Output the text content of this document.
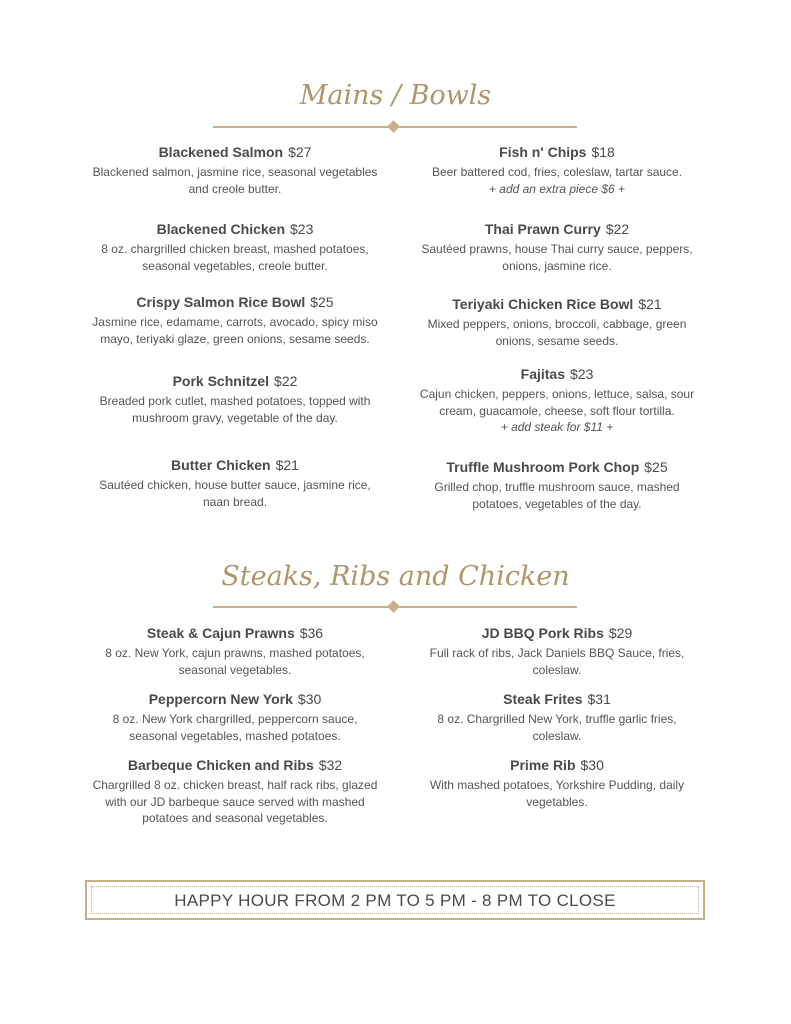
Mains / Bowls
Blackened Salmon $27
Blackened salmon, jasmine rice, seasonal vegetables and creole butter.
Blackened Chicken $23
8 oz. chargrilled chicken breast, mashed potatoes, seasonal vegetables, creole butter.
Crispy Salmon Rice Bowl $25
Jasmine rice, edamame, carrots, avocado, spicy miso mayo, teriyaki glaze, green onions, sesame seeds.
Pork Schnitzel $22
Breaded pork cutlet, mashed potatoes, topped with mushroom gravy, vegetable of the day.
Butter Chicken $21
Sautéed chicken, house butter sauce, jasmine rice, naan bread.
Fish n' Chips $18
Beer battered cod, fries, coleslaw, tartar sauce.
+ add an extra piece $6 +
Thai Prawn Curry $22
Sautéed prawns, house Thai curry sauce, peppers, onions, jasmine rice.
Teriyaki Chicken Rice Bowl $21
Mixed peppers, onions, broccoli, cabbage, green onions, sesame seeds.
Fajitas $23
Cajun chicken, peppers, onions, lettuce, salsa, sour cream, guacamole, cheese, soft flour tortilla.
+ add steak for $11 +
Truffle Mushroom Pork Chop $25
Grilled chop, truffle mushroom sauce, mashed potatoes, vegetables of the day.
Steaks, Ribs and Chicken
Steak & Cajun Prawns $36
8 oz. New York, cajun prawns, mashed potatoes, seasonal vegetables.
Peppercorn New York $30
8 oz. New York chargrilled, peppercorn sauce, seasonal vegetables, mashed potatoes.
Barbeque Chicken and Ribs $32
Chargrilled 8 oz. chicken breast, half rack ribs, glazed with our JD barbeque sauce served with mashed potatoes and seasonal vegetables.
JD BBQ Pork Ribs $29
Full rack of ribs, Jack Daniels BBQ Sauce, fries, coleslaw.
Steak Frites $31
8 oz. Chargrilled New York, truffle garlic fries, coleslaw.
Prime Rib $30
With mashed potatoes, Yorkshire Pudding, daily vegetables.
HAPPY HOUR FROM 2 PM TO 5 PM - 8 PM TO CLOSE
